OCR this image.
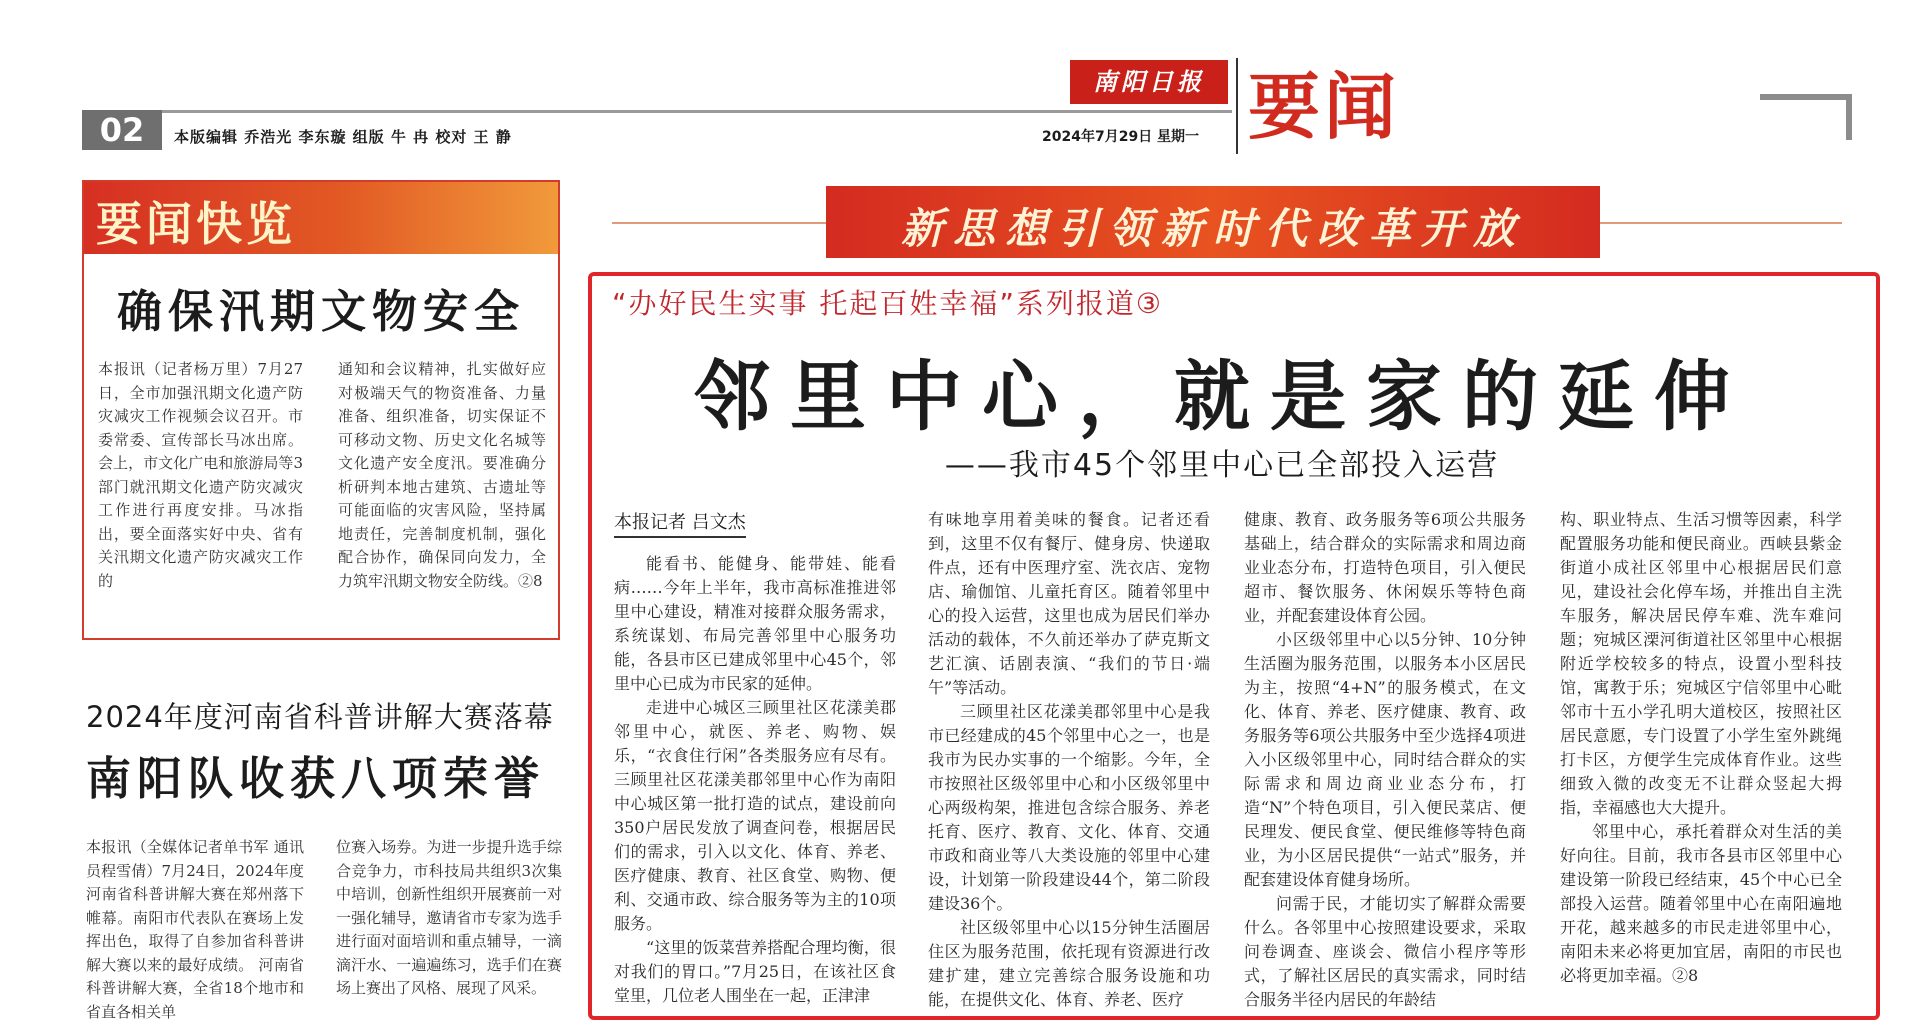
02	本版编辑 乔浩光 李东璇 组版 牛 冉 校对 王 静	2024年7月29日 星期一
南阳日报 要闻
要闻快览
确保汛期文物安全
本报讯（记者杨万里）7月27日，全市加强汛期文化遗产防灾减灾工作视频会议召开。市委常委、宣传部长马冰出席。 会上，市文化广电和旅游局等3部门就汛期文化遗产防灾减灾工作进行再度安排。马冰指出，要全面落实好中央、省有关汛期文化遗产防灾减灾工作的
通知和会议精神，扎实做好应对极端天气的物资准备、力量准备、组织准备，切实保证不可移动文物、历史文化名城等文化遗产安全度汛。要准确分析研判本地古建筑、古遗址等可能面临的灾害风险，坚持属地责任，完善制度机制，强化配合协作，确保同向发力，全力筑牢汛期文物安全防线。②8
2024年度河南省科普讲解大赛落幕
南阳队收获八项荣誉
本报讯（全媒体记者单书军 通讯员程雪倩）7月24日，2024年度河南省科普讲解大赛在郑州落下帷幕。南阳市代表队在赛场上发挥出色，取得了自参加省科普讲解大赛以来的最好成绩。 河南省科普讲解大赛，全省18个地市和省直各相关单
位赛入场券。为进一步提升选手综合竞争力，市科技局共组织3次集中培训，创新性组织开展赛前一对一强化辅导，邀请省市专家为选手进行面对面培训和重点辅导，一滴滴汗水、一遍遍练习，选手们在赛场上赛出了风格、展现了风采。
新思想引领新时代改革开放
“办好民生实事 托起百姓幸福”系列报道③
邻里中心，就是家的延伸
——我市45个邻里中心已全部投入运营
本报记者 吕文杰

能看书、能健身、能带娃、能看病……今年上半年，我市高标准推进邻里中心建设，精准对接群众服务需求，系统谋划、布局完善邻里中心服务功能，各县市区已建成邻里中心45个，邻里中心已成为市民家的延伸。

走进中心城区三顾里社区花漾美郡邻里中心，就医、养老、购物、娱乐，“衣食住行闲”各类服务应有尽有。三顾里社区花漾美郡邻里中心作为南阳中心城区第一批打造的试点，建设前向350户居民发放了调查问卷，根据居民们的需求，引入以文化、体育、养老、医疗健康、教育、社区食堂、购物、便利、交通市政、综合服务等为主的10项服务。

“这里的饭菜营养搭配合理均衡，很对我们的胃口。”7月25日，在该社区食堂里，几位老人围坐在一起，正津津

有味地享用着美味的餐食。记者还看到，这里不仅有餐厅、健身房、快递取件点，还有中医理疗室、洗衣店、宠物店、瑜伽馆、儿童托育区。随着邻里中心的投入运营，这里也成为居民们举办活动的载体，不久前还举办了萨克斯文艺汇演、话剧表演、“我们的节日·端午”等活动。

三顾里社区花漾美郡邻里中心是我市已经建成的45个邻里中心之一，也是我市为民办实事的一个缩影。今年，全市按照社区级邻里中心和小区级邻里中心两级构架，推进包含综合服务、养老托育、医疗、教育、文化、体育、交通市政和商业等八大类设施的邻里中心建设，计划第一阶段建设44个，第二阶段建设36个。

社区级邻里中心以15分钟生活圈居住区为服务范围，依托现有资源进行改建扩建，建立完善综合服务设施和功能，在提供文化、体育、养老、医疗

健康、教育、政务服务等6项公共服务基础上，结合群众的实际需求和周边商业业态分布，打造特色项目，引入便民超市、餐饮服务、休闲娱乐等特色商业，并配套建设体育公园。

小区级邻里中心以5分钟、10分钟生活圈为服务范围，以服务本小区居民为主，按照“4+N”的服务模式，在文化、体育、养老、医疗健康、教育、政务服务等6项公共服务中至少选择4项进入小区级邻里中心，同时结合群众的实际需求和周边商业业态分布，打造“N”个特色项目，引入便民菜店、便民理发、便民食堂、便民维修等特色商业，为小区居民提供“一站式”服务，并配套建设体育健身场所。

问需于民，才能切实了解群众需要什么。各邻里中心按照建设要求，采取问卷调查、座谈会、微信小程序等形式，了解社区居民的真实需求，同时结合服务半径内居民的年龄结

构、职业特点、生活习惯等因素，科学配置服务功能和便民商业。西峡县紫金街道小成社区邻里中心根据居民们意见，建设社会化停车场，并推出自主洗车服务，解决居民停车难、洗车难问题；宛城区溧河街道社区邻里中心根据附近学校较多的特点，设置小型科技馆，寓教于乐；宛城区宁信邻里中心毗邻市十五小学孔明大道校区，按照社区居民意愿，专门设置了小学生室外跳绳打卡区，方便学生完成体育作业。这些细致入微的改变无不让群众竖起大拇指，幸福感也大大提升。

邻里中心，承托着群众对生活的美好向往。目前，我市各县市区邻里中心建设第一阶段已经结束，45个中心已全部投入运营。随着邻里中心在南阳遍地开花，越来越多的市民走进邻里中心，南阳未来必将更加宜居，南阳的市民也必将更加幸福。②8
